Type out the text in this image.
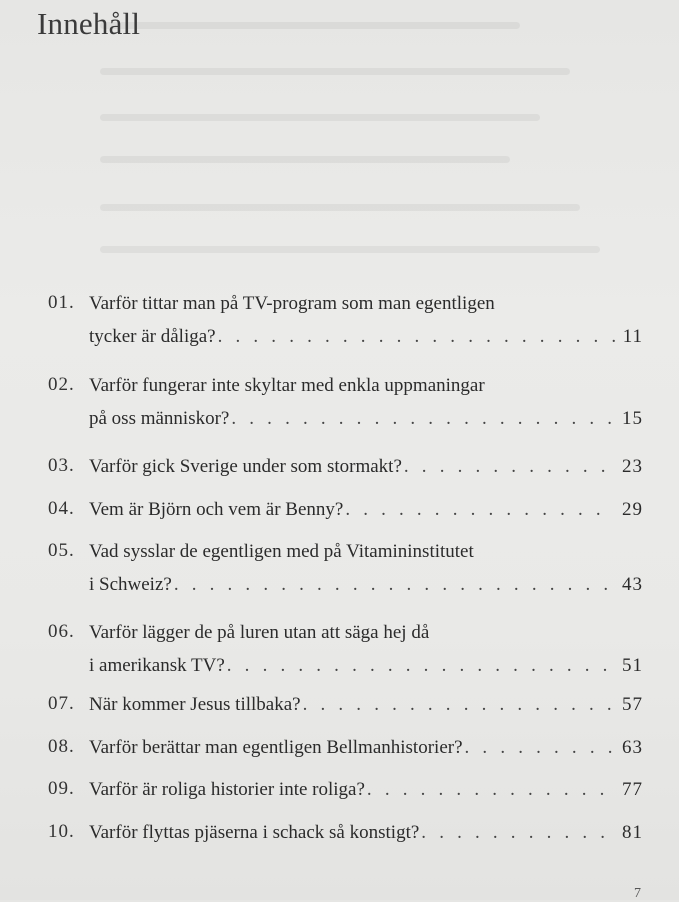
Innehåll
01. Varför tittar man på TV-program som man egentligen
tycker är dåliga? . . .	11
02. Varför fungerar inte skyltar med enkla uppmaningar
på oss människor? . . .	15
03. Varför gick Sverige under som stormakt? . . .	23
04. Vem är Björn och vem är Benny? . . .	29
05. Vad sysslar de egentligen med på Vitamininstitutet
i Schweiz? . . .	43
06. Varför lägger de på luren utan att säga hej då
i amerikansk TV? . . .	51
07. När kommer Jesus tillbaka? . . .	57
08. Varför berättar man egentligen Bellmanhistorier? . . .	63
09. Varför är roliga historier inte roliga? . . .	77
10. Varför flyttas pjäserna i schack så konstigt? . . .	81
7
